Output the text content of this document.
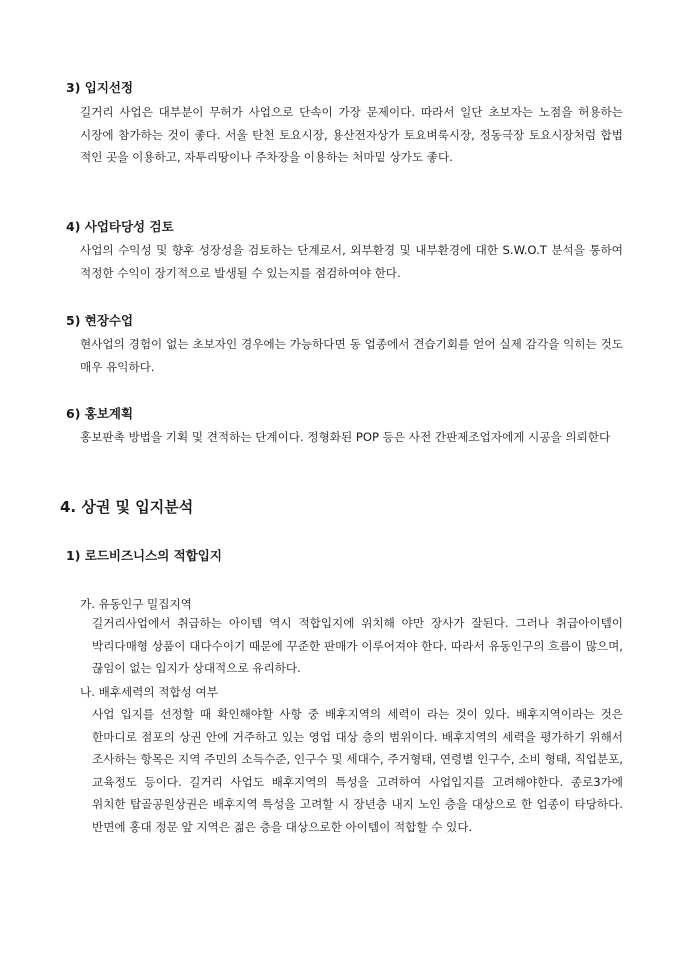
3) 입지선정

길거리 사업은 대부분이 무허가 사업으로 단속이 가장 문제이다. 따라서 일단 초보자는 노점을 허용하는 시장에 참가하는 것이 좋다. 서울 탄천 토요시장, 용산전자상가 토요벼룩시장, 정동극장 토요시장처럼 합법 적인 곳을 이용하고, 자투리땅이나 주차장을 이용하는 처마밑 상가도 좋다.

4) 사업타당성 검토

사업의 수익성 및 향후 성장성을 검토하는 단계로서, 외부환경 및 내부환경에 대한 S.W.O.T 분석을 통하여 적정한 수익이 장기적으로 발생될 수 있는지를 점검하여야 한다.

5) 현장수업

현사업의 경험이 없는 초보자인 경우에는 가능하다면 동 업종에서 견습기회를 얻어 실제 감각을 익히는 것도 매우 유익하다.

6) 홍보계획

홍보판촉 방법을 기획 및 견적하는 단계이다. 정형화된 POP 등은 사전 간판제조업자에게 시공을 의뢰한다

4. 상권 및 입지분석
1) 로드비즈니스의 적합입지
가. 유동인구 밀집지역

길거리사업에서 취급하는 아이템 역시 적합입지에 위치해 야만 장사가 잘된다. 그러나 취급아이템이 박리다매형 상품이 대다수이기 때문에 꾸준한 판매가 이루어져야 한다. 따라서 유동인구의 흐름이 많으며, 끊임이 없는 입지가 상대적으로 유리하다.

나. 배후세력의 적합성 여부

사업 입지를 선정할 때 확인해야할 사항 중 배후지역의 세력이 라는 것이 있다. 배후지역이라는 것은 한마디로 점포의 상권 안에 거주하고 있는 영업 대상 층의 범위이다. 배후지역의 세력을 평가하기 위해서 조사하는 항목은 지역 주민의 소득수준, 인구수 및 세대수, 주거형태, 연령별 인구수, 소비 형태, 직업분포, 교육정도 등이다. 길거리 사업도 배후지역의 특성을 고려하여 사업입지를 고려해야한다. 종로3가에 위치한 탑골공원상권은 배후지역 특성을 고려할 시 장년층 내지 노인 층을 대상으로 한 업종이 타당하다. 반면에 홍대 정문 앞 지역은 젊은 층을 대상으로한 아이템이 적합할 수 있다.
